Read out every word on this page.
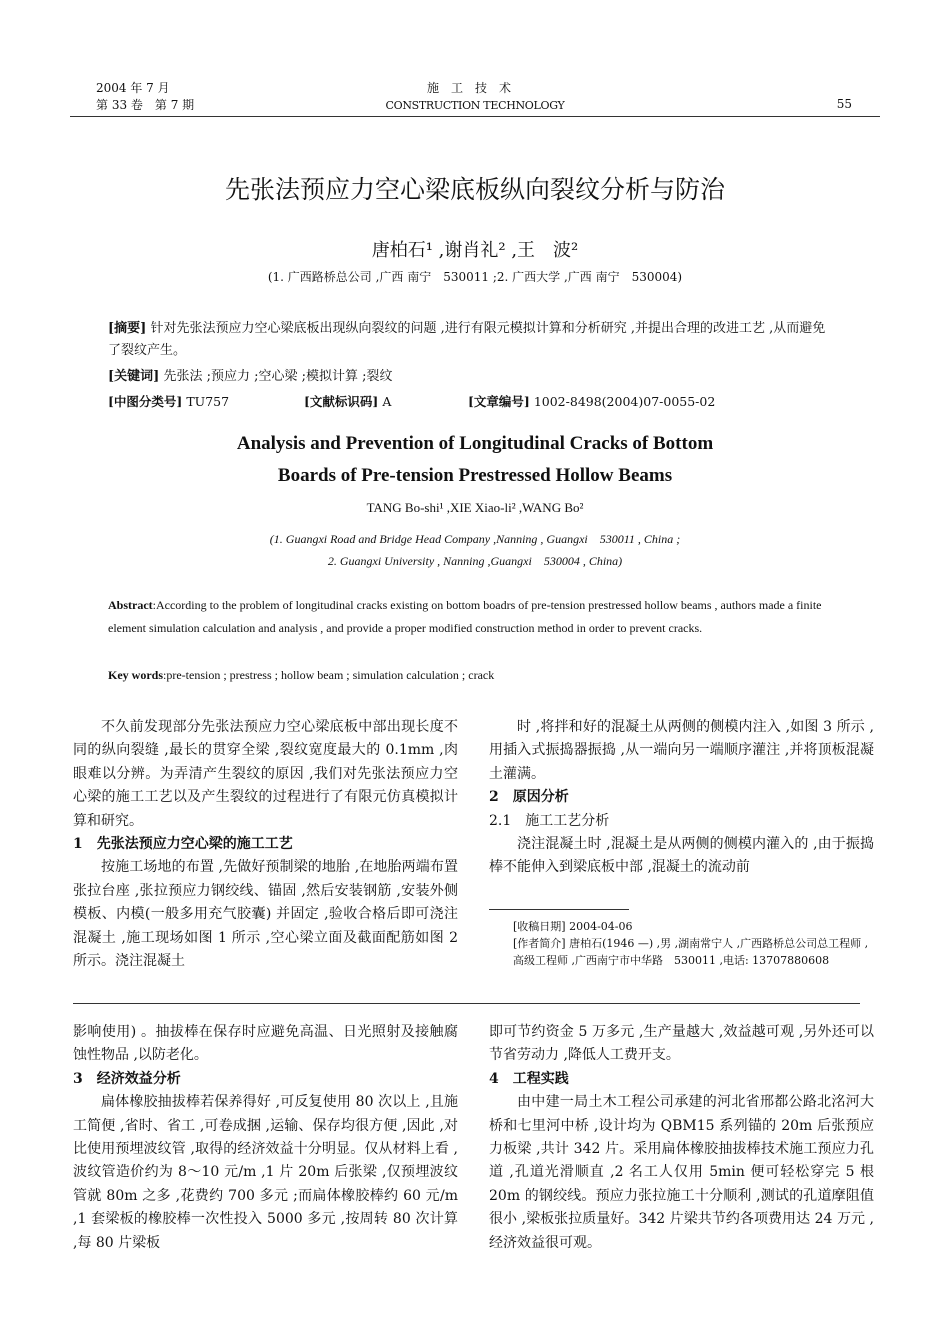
2004 年 7 月
第 33 卷　第 7 期
施工技术
CONSTRUCTION TECHNOLOGY	55
先张法预应力空心梁底板纵向裂纹分析与防治
唐柏石¹ ,谢肖礼² ,王　波²
(1. 广西路桥总公司 ,广西 南宁　530011 ;2. 广西大学 ,广西 南宁　530004)
[摘要] 针对先张法预应力空心梁底板出现纵向裂纹的问题 ,进行有限元模拟计算和分析研究 ,并提出合理的改进工艺 ,从而避免了裂纹产生。
[关键词] 先张法 ;预应力 ;空心梁 ;模拟计算 ;裂纹
[中图分类号] TU757	[文献标识码] A	[文章编号] 1002-8498(2004)07-0055-02
Analysis and Prevention of Longitudinal Cracks of Bottom
Boards of Pre-tension Prestressed Hollow Beams
TANG Bo-shi¹ ,XIE Xiao-li² ,WANG Bo²
(1. Guangxi Road and Bridge Head Company ,Nanning , Guangxi　530011 , China ;
2. Guangxi University , Nanning ,Guangxi　530004 , China)
Abstract:According to the problem of longitudinal cracks existing on bottom boadrs of pre-tension prestressed hollow beams , authors made a finite element simulation calculation and analysis , and provide a proper modified construction method in order to prevent cracks.
Key words:pre-tension ; prestress ; hollow beam ; simulation calculation ; crack

不久前发现部分先张法预应力空心梁底板中部出现长度不同的纵向裂缝 ,最长的贯穿全梁 ,裂纹宽度最大的 0.1mm ,肉眼难以分辨。为弄清产生裂纹的原因 ,我们对先张法预应力空心梁的施工工艺以及产生裂纹的过程进行了有限元仿真模拟计算和研究。

1　先张法预应力空心梁的施工工艺

按施工场地的布置 ,先做好预制梁的地胎 ,在地胎两端布置张拉台座 ,张拉预应力钢绞线、锚固 ,然后安装钢筋 ,安装外侧模板、内模(一般多用充气胶囊) 并固定 ,验收合格后即可浇注混凝土 ,施工现场如图 1 所示 ,空心梁立面及截面配筋如图 2 所示。浇注混凝土

时 ,将拌和好的混凝土从两侧的侧模内注入 ,如图 3 所示 ,用插入式振捣器振捣 ,从一端向另一端顺序灌注 ,并将顶板混凝土灌满。

2　原因分析

2.1　施工工艺分析

浇注混凝土时 ,混凝土是从两侧的侧模内灌入的 ,由于振捣棒不能伸入到梁底板中部 ,混凝土的流动前

[收稿日期] 2004-04-06

[作者简介] 唐柏石(1946 —) ,男 ,湖南常宁人 ,广西路桥总公司总工程师 ,高级工程师 ,广西南宁市中华路　530011 ,电话: 13707880608

影响使用) 。抽拔棒在保存时应避免高温、日光照射及接触腐蚀性物品 ,以防老化。

3　经济效益分析

扁体橡胶抽拔棒若保养得好 ,可反复使用 80 次以上 ,且施工简便 ,省时、省工 ,可卷成捆 ,运输、保存均很方便 ,因此 ,对比使用预埋波纹管 ,取得的经济效益十分明显。仅从材料上看 ,波纹管造价约为 8～10 元/m ,1 片 20m 后张梁 ,仅预埋波纹管就 80m 之多 ,花费约 700 多元 ;而扁体橡胶棒约 60 元/m ,1 套梁板的橡胶棒一次性投入 5000 多元 ,按周转 80 次计算 ,每 80 片梁板

即可节约资金 5 万多元 ,生产量越大 ,效益越可观 ,另外还可以节省劳动力 ,降低人工费开支。

4　工程实践

由中建一局土木工程公司承建的河北省邢都公路北洺河大桥和七里河中桥 ,设计均为 QBM15 系列锚的 20m 后张预应力板梁 ,共计 342 片。采用扁体橡胶抽拔棒技术施工预应力孔道 ,孔道光滑顺直 ,2 名工人仅用 5min 便可轻松穿完 5 根 20m 的钢绞线。预应力张拉施工十分顺利 ,测试的孔道摩阻值很小 ,梁板张拉质量好。342 片梁共节约各项费用达 24 万元 ,经济效益很可观。
